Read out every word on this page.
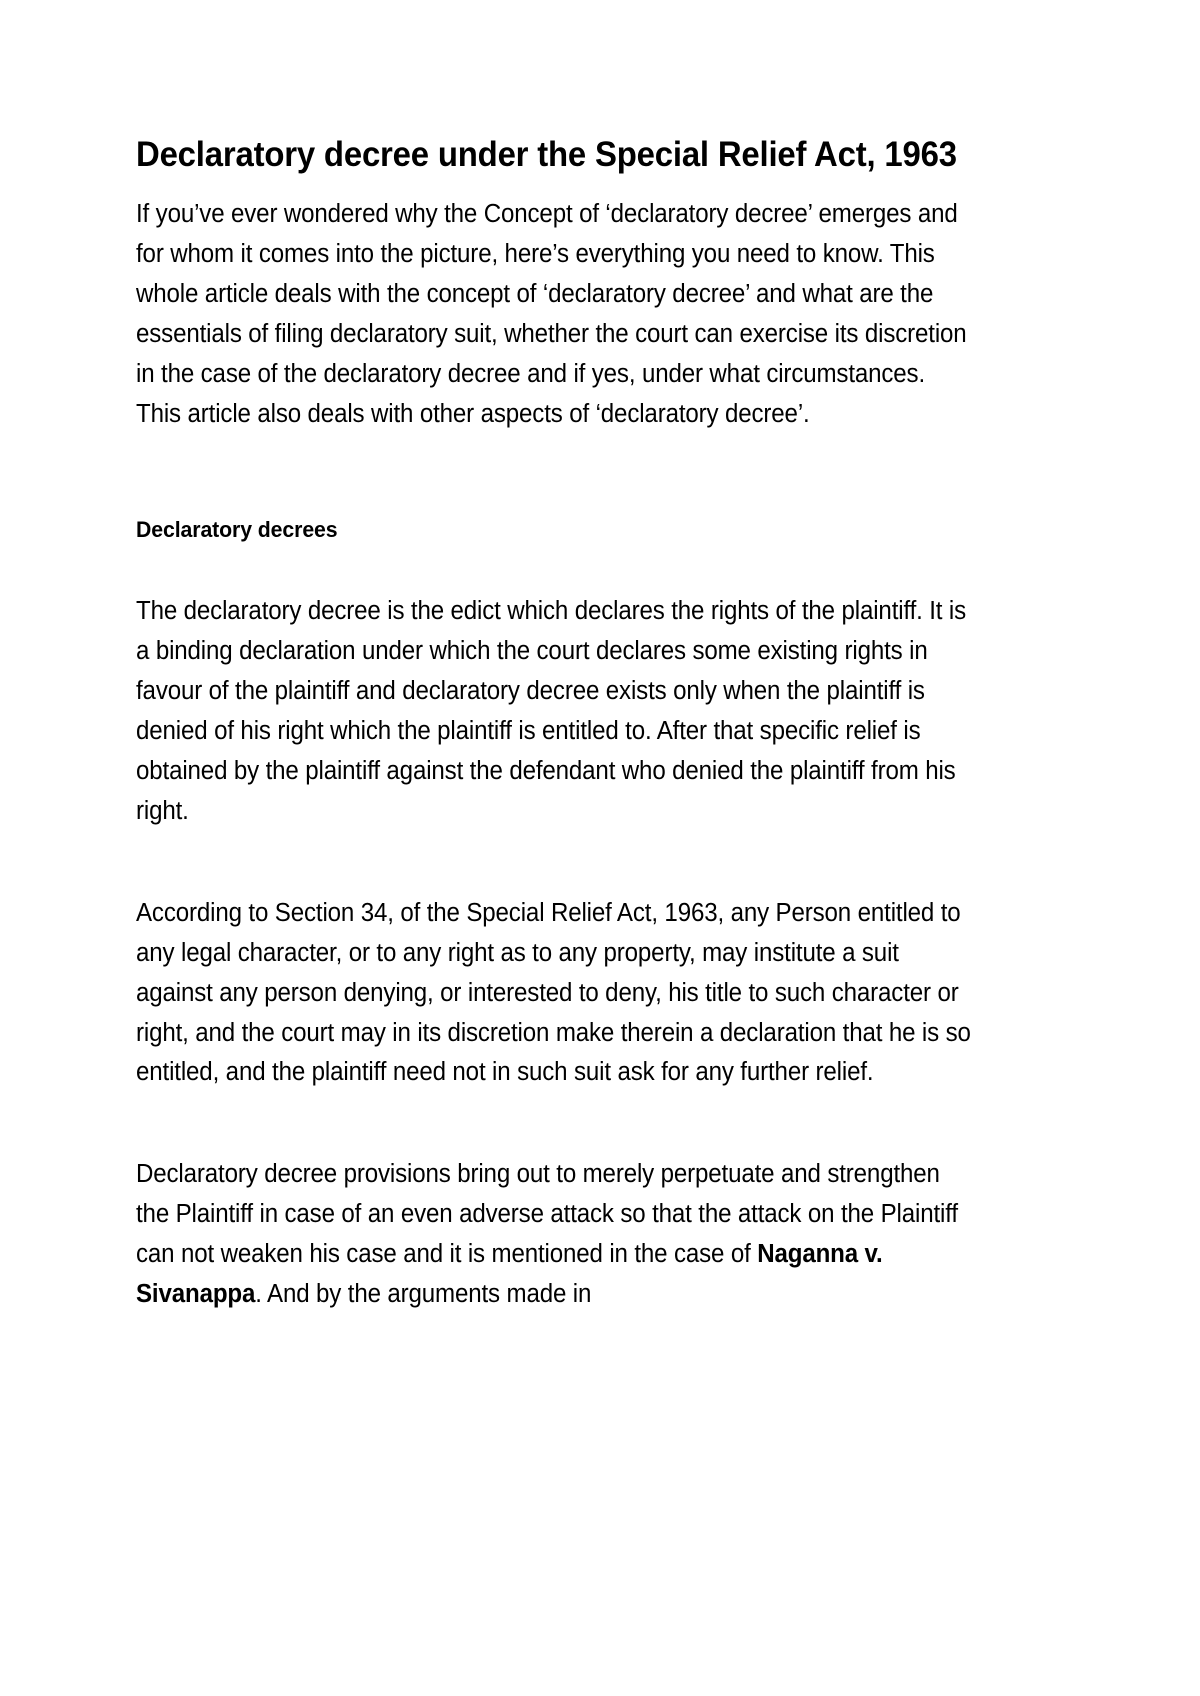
Declaratory decree under the Special Relief Act, 1963

If you’ve ever wondered why the Concept of ‘declaratory decree’ emerges and for whom it comes into the picture, here’s everything you need to know. This whole article deals with the concept of ‘declaratory decree’ and what are the essentials of filing declaratory suit, whether the court can exercise its discretion in the case of the declaratory decree and if yes, under what circumstances. This article also deals with other aspects of ‘declaratory decree’.

Declaratory decrees

The declaratory decree is the edict which declares the rights of the plaintiff. It is a binding declaration under which the court declares some existing rights in favour of the plaintiff and declaratory decree exists only when the plaintiff is denied of his right which the plaintiff is entitled to. After that specific relief is obtained by the plaintiff against the defendant who denied the plaintiff from his right.

According to Section 34, of the Special Relief Act, 1963, any Person entitled to any legal character, or to any right as to any property, may institute a suit against any person denying, or interested to deny, his title to such character or right, and the court may in its discretion make therein a declaration that he is so entitled, and the plaintiff need not in such suit ask for any further relief.

Declaratory decree provisions bring out to merely perpetuate and strengthen the Plaintiff in case of an even adverse attack so that the attack on the Plaintiff can not weaken his case and it is mentioned in the case of Naganna v. Sivanappa. And by the arguments made in
